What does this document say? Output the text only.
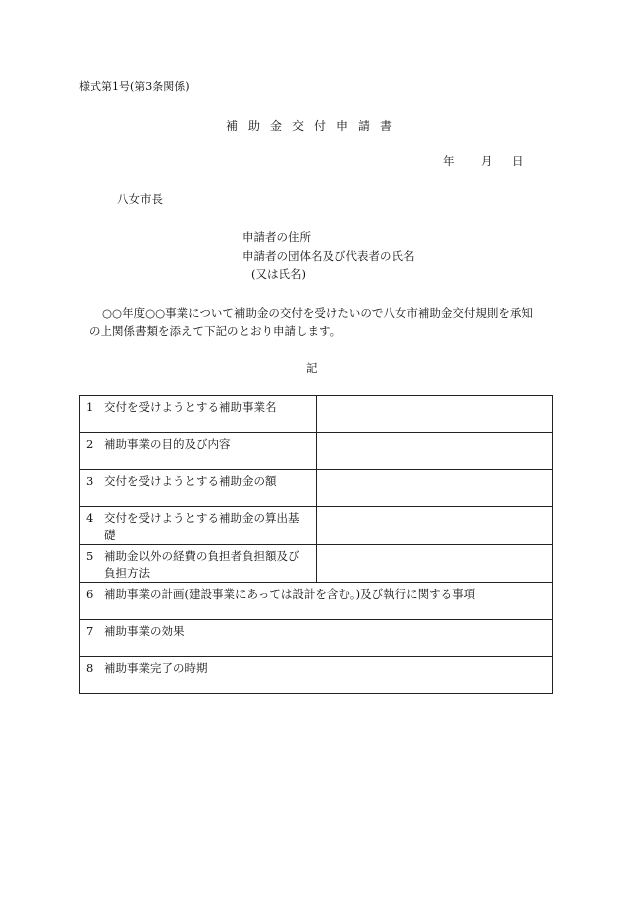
様式第1号(第3条関係)
補助金交付申請書
年 月 日
八女市長
申請者の住所
申請者の団体名及び代表者の氏名
(又は氏名)
○○年度○○事業について補助金の交付を受けたいので八女市補助金交付規則を承知
の上関係書類を添えて下記のとおり申請します。
記
1 交付を受けようとする補助事業名	
2 補助事業の目的及び内容	
3 交付を受けようとする補助金の額	
4 交付を受けようとする補助金の算出基
礎	

5 補助金以外の経費の負担者負担額及び
負担方法	

6 補助事業の計画(建設事業にあっては設計を含む。)及び執行に関する事項	
7 補助事業の効果	
8 補助事業完了の時期	
